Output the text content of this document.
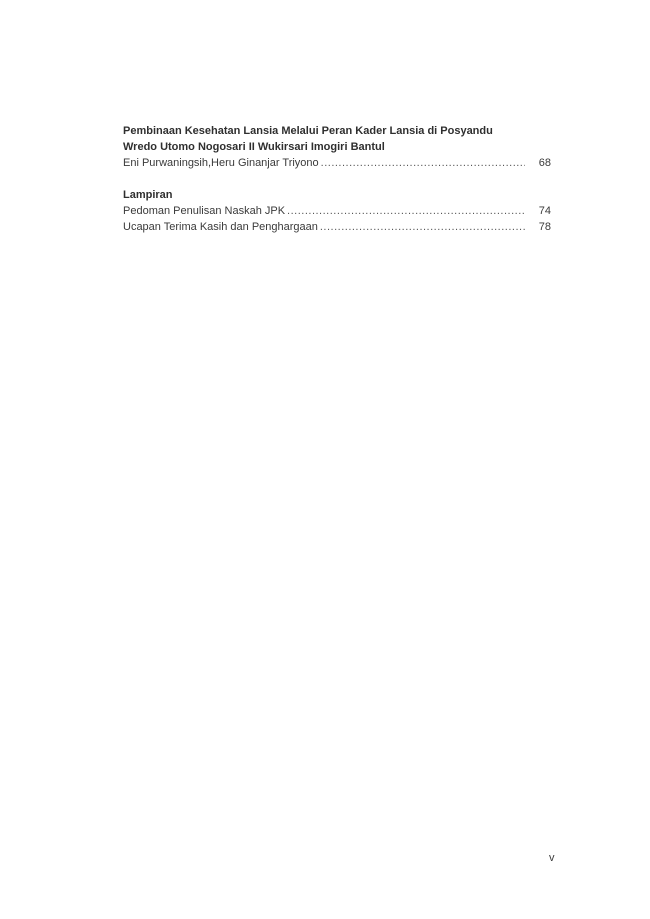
Pembinaan Kesehatan Lansia Melalui Peran Kader Lansia di Posyandu
Wredo Utomo Nogosari II Wukirsari Imogiri Bantul
Eni Purwaningsih,Heru Ginanjar Triyono .....	68
Lampiran
Pedoman Penulisan Naskah JPK .....	74
Ucapan Terima Kasih dan Penghargaan .....	78
v
